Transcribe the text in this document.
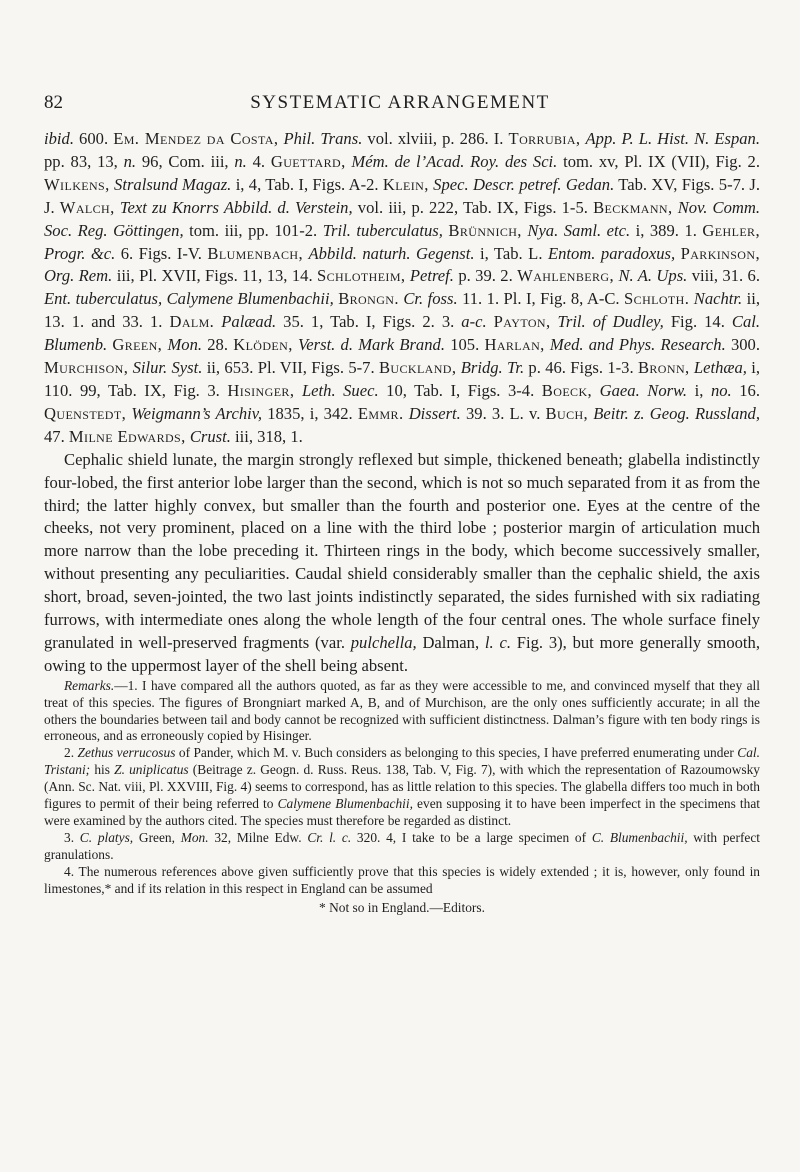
82	SYSTEMATIC ARRANGEMENT

ibid. 600. Em. Mendez da Costa, Phil. Trans. vol. xlviii, p. 286. I. Torrubia, App. P. L. Hist. N. Espan. pp. 83, 13, n. 96, Com. iii, n. 4. Guettard, Mém. de l’Acad. Roy. des Sci. tom. xv, Pl. IX (VII), Fig. 2. Wilkens, Stralsund Magaz. i, 4, Tab. I, Figs. A-2. Klein, Spec. Descr. petref. Gedan. Tab. XV, Figs. 5-7. J. J. Walch, Text zu Knorrs Abbild. d. Verstein, vol. iii, p. 222, Tab. IX, Figs. 1-5. Beckmann, Nov. Comm. Soc. Reg. Göttingen, tom. iii, pp. 101-2. Tril. tuberculatus, Brünnich, Nya. Saml. etc. i, 389. 1. Gehler, Progr. &c. 6. Figs. I-V. Blumenbach, Abbild. naturh. Gegenst. i, Tab. L. Entom. paradoxus, Parkinson, Org. Rem. iii, Pl. XVII, Figs. 11, 13, 14. Schlotheim, Petref. p. 39. 2. Wahlenberg, N. A. Ups. viii, 31. 6. Ent. tuberculatus, Calymene Blumenbachii, Brongn. Cr. foss. 11. 1. Pl. I, Fig. 8, A-C. Schloth. Nachtr. ii, 13. 1. and 33. 1. Dalm. Palæad. 35. 1, Tab. I, Figs. 2. 3. a-c. Payton, Tril. of Dudley, Fig. 14. Cal. Blumenb. Green, Mon. 28. Klöden, Verst. d. Mark Brand. 105. Harlan, Med. and Phys. Research. 300. Murchison, Silur. Syst. ii, 653. Pl. VII, Figs. 5-7. Buckland, Bridg. Tr. p. 46. Figs. 1-3. Bronn, Lethæa, i, 110. 99, Tab. IX, Fig. 3. Hisinger, Leth. Suec. 10, Tab. I, Figs. 3-4. Boeck, Gaea. Norw. i, no. 16. Quenstedt, Weigmann’s Archiv, 1835, i, 342. Emmr. Dissert. 39. 3. L. v. Buch, Beitr. z. Geog. Russland, 47. Milne Edwards, Crust. iii, 318, 1.

Cephalic shield lunate, the margin strongly reflexed but simple, thickened beneath; glabella indistinctly four-lobed, the first anterior lobe larger than the second, which is not so much separated from it as from the third; the latter highly convex, but smaller than the fourth and posterior one. Eyes at the centre of the cheeks, not very prominent, placed on a line with the third lobe ; posterior margin of articulation much more narrow than the lobe preceding it. Thirteen rings in the body, which become successively smaller, without presenting any peculiarities. Caudal shield considerably smaller than the cephalic shield, the axis short, broad, seven-jointed, the two last joints indistinctly separated, the sides furnished with six radiating furrows, with intermediate ones along the whole length of the four central ones. The whole surface finely granulated in well-preserved fragments (var. pulchella, Dalman, l. c. Fig. 3), but more generally smooth, owing to the uppermost layer of the shell being absent.

Remarks.—1. I have compared all the authors quoted, as far as they were accessible to me, and convinced myself that they all treat of this species. The figures of Brongniart marked A, B, and of Murchison, are the only ones sufficiently accurate; in all the others the boundaries between tail and body cannot be recognized with sufficient distinctness. Dalman’s figure with ten body rings is erroneous, and as erroneously copied by Hisinger.

2. Zethus verrucosus of Pander, which M. v. Buch considers as belonging to this species, I have preferred enumerating under Cal. Tristani; his Z. uniplicatus (Beitrage z. Geogn. d. Russ. Reus. 138, Tab. V, Fig. 7), with which the representation of Razoumowsky (Ann. Sc. Nat. viii, Pl. XXVIII, Fig. 4) seems to correspond, has as little relation to this species. The glabella differs too much in both figures to permit of their being referred to Calymene Blumenbachii, even supposing it to have been imperfect in the specimens that were examined by the authors cited. The species must therefore be regarded as distinct.

3. C. platys, Green, Mon. 32, Milne Edw. Cr. l. c. 320. 4, I take to be a large specimen of C. Blumenbachii, with perfect granulations.

4. The numerous references above given sufficiently prove that this species is widely extended ; it is, however, only found in limestones,* and if its relation in this respect in England can be assumed

* Not so in England.—Editors.
